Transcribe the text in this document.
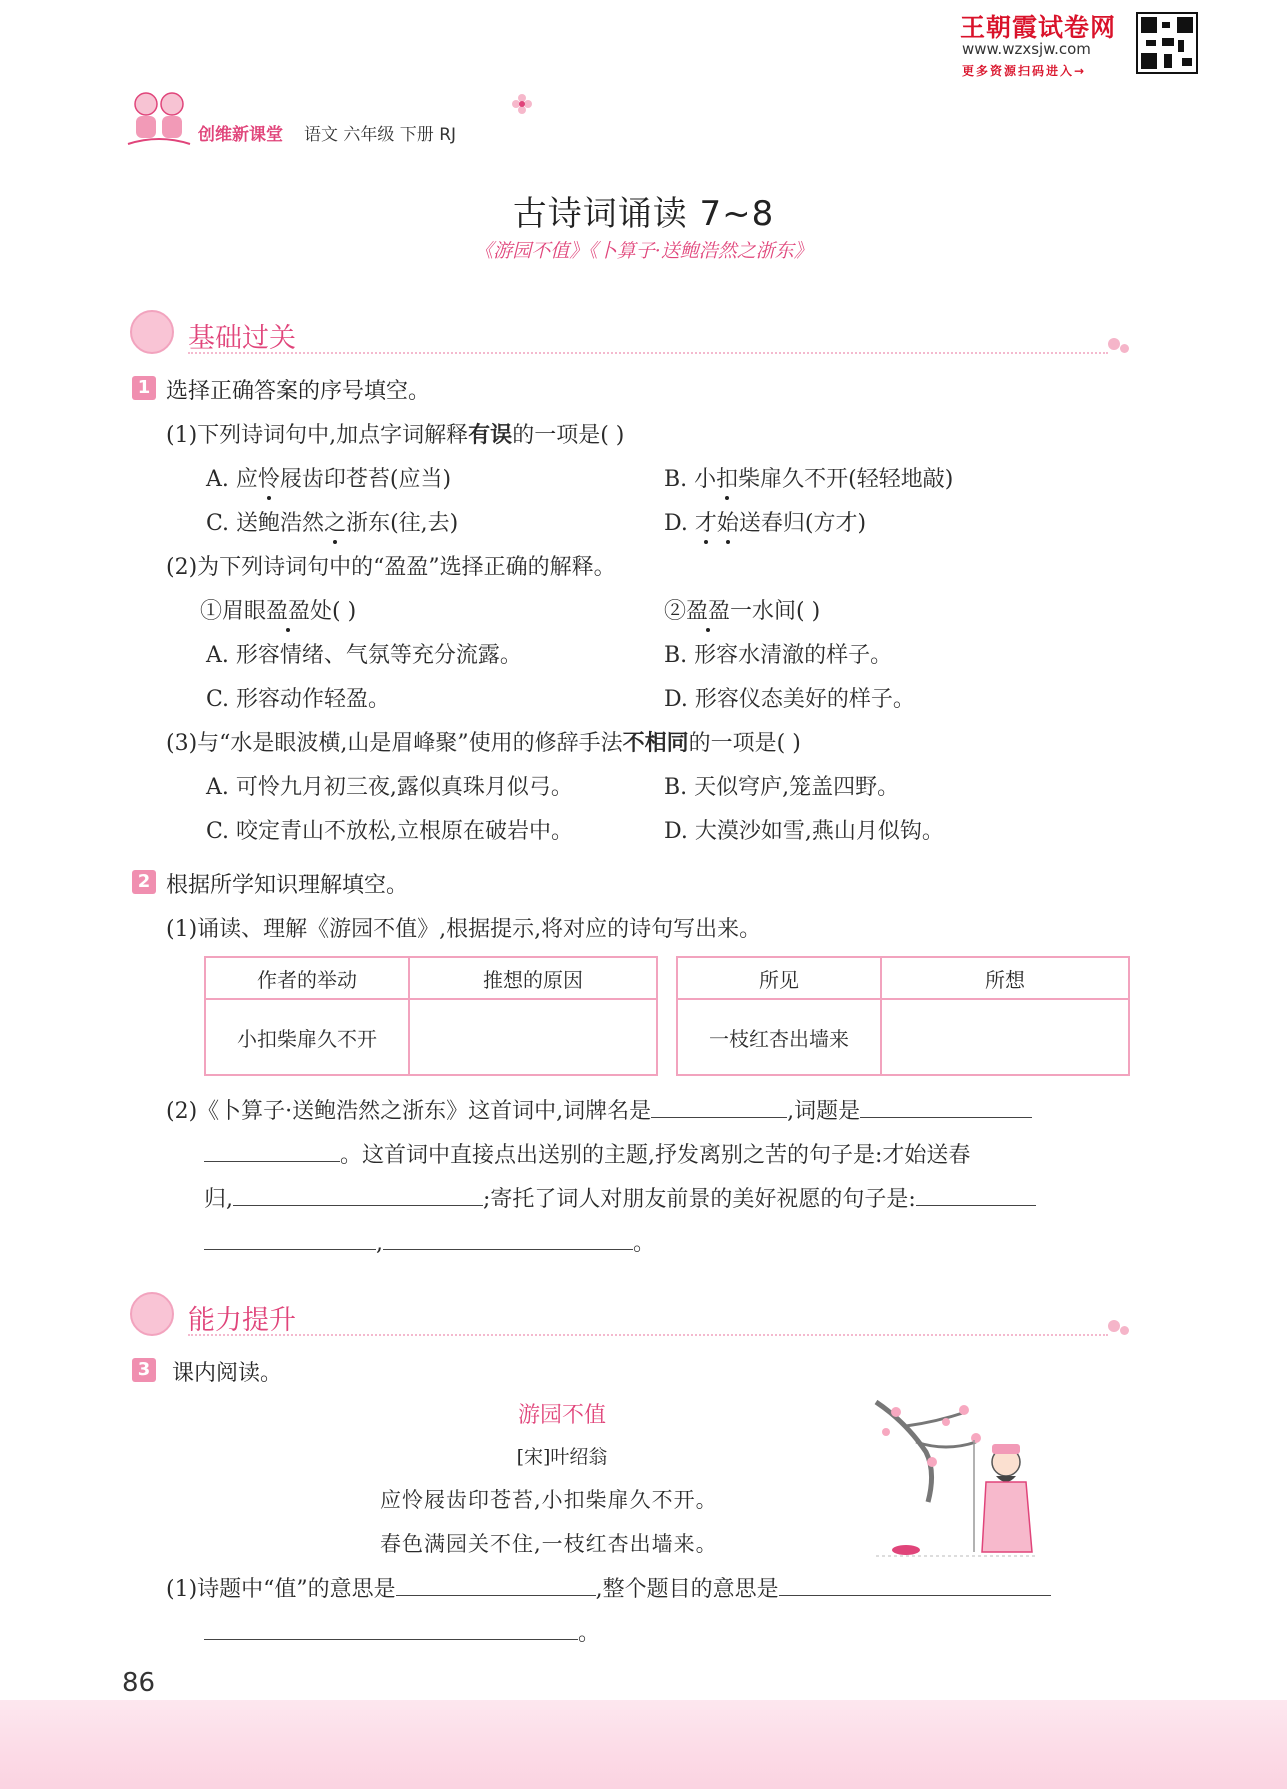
王朝霞试卷网
www.wzxsjw.com
更多资源扫码进入→
创维新课堂 语文 六年级 下册 RJ
古诗词诵读 7~8
《游园不值》《卜算子·送鲍浩然之浙东》
基础过关
1 选择正确答案的序号填空。
(1)下列诗词句中,加点字词解释有误的一项是( )
A. 应怜屐齿印苍苔(应当)	B. 小扣柴扉久不开(轻轻地敲)
C. 送鲍浩然之浙东(往,去)	D. 才始送春归(方才)
(2)为下列诗词句中的“盈盈”选择正确的解释。
①眉眼盈盈处( )	②盈盈一水间( )
A. 形容情绪、气氛等充分流露。	B. 形容水清澈的样子。
C. 形容动作轻盈。	D. 形容仪态美好的样子。
(3)与“水是眼波横,山是眉峰聚”使用的修辞手法不相同的一项是( )
A. 可怜九月初三夜,露似真珠月似弓。	B. 天似穹庐,笼盖四野。
C. 咬定青山不放松,立根原在破岩中。	D. 大漠沙如雪,燕山月似钩。
2 根据所学知识理解填空。
(1)诵读、理解《游园不值》,根据提示,将对应的诗句写出来。
作者的举动	推想的原因
小扣柴扉久不开	
所见	所想
一枝红杏出墙来	
(2)《卜算子·送鲍浩然之浙东》这首词中,词牌名是	,词题是
。这首词中直接点出送别的主题,抒发离别之苦的句子是:才始送春
归,	;寄托了词人对朋友前景的美好祝愿的句子是:
,	。
能力提升
3 课内阅读。
游园不值
[宋]叶绍翁
应怜屐齿印苍苔,小扣柴扉久不开。
春色满园关不住,一枝红杏出墙来。
(1)诗题中“值”的意思是	,整个题目的意思是
。
86
